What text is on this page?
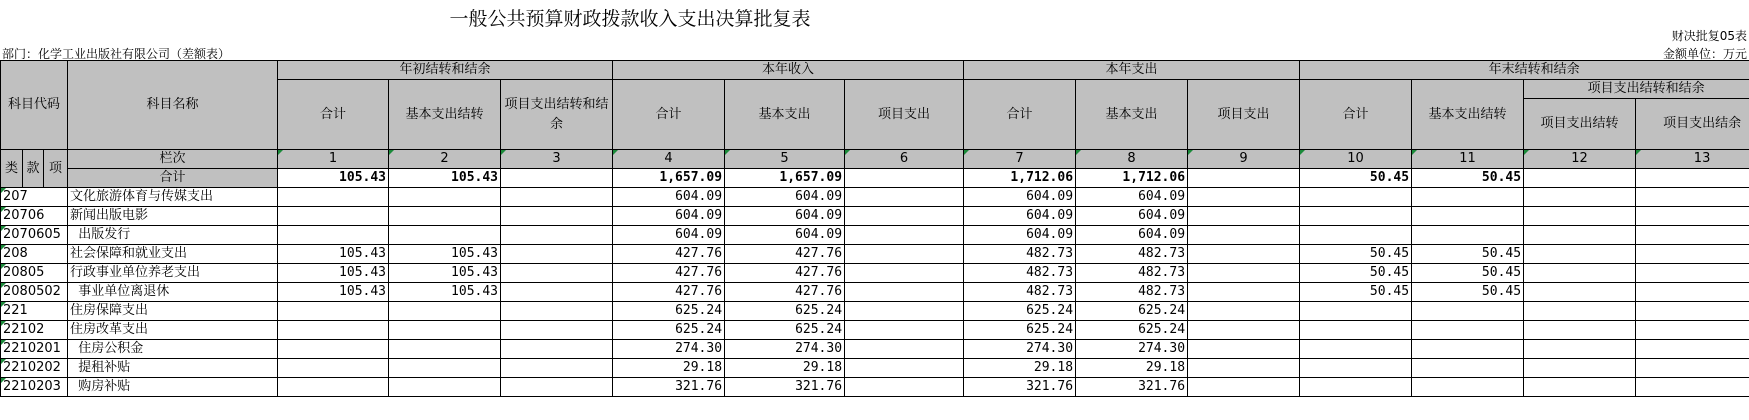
一般公共预算财政拨款收入支出决算批复表
财决批复05表
部门：化学工业出版社有限公司（差额表）	金额单位：万元
科目代码			科目名称	年初结转和结余			本年收入			本年支出			年末结转和结余			
				合计	基本支出结转	项目支出结转和结余	合计	基本支出	项目支出	合计	基本支出	项目支出	合计	基本支出结转	项目支出结转和结余	
															项目支出结转	项目支出结余
类	款	项	栏次	1	2	3	4	5	6	7	8	9	10	11	12	13
			合计	105.43	105.43		1,657.09	1,657.09		1,712.06	1,712.06		50.45	50.45		

207			文化旅游体育与传媒支出				604.09	604.09		604.09	604.09					

20706			新闻出版电影				604.09	604.09		604.09	604.09					

2070605			出版发行				604.09	604.09		604.09	604.09					

208			社会保障和就业支出	105.43	105.43		427.76	427.76		482.73	482.73		50.45	50.45		

20805			行政事业单位养老支出	105.43	105.43		427.76	427.76		482.73	482.73		50.45	50.45		

2080502			事业单位离退休	105.43	105.43		427.76	427.76		482.73	482.73		50.45	50.45		

221			住房保障支出				625.24	625.24		625.24	625.24					

22102			住房改革支出				625.24	625.24		625.24	625.24					

2210201			住房公积金				274.30	274.30		274.30	274.30					

2210202			提租补贴				29.18	29.18		29.18	29.18					

2210203			购房补贴				321.76	321.76		321.76	321.76					
